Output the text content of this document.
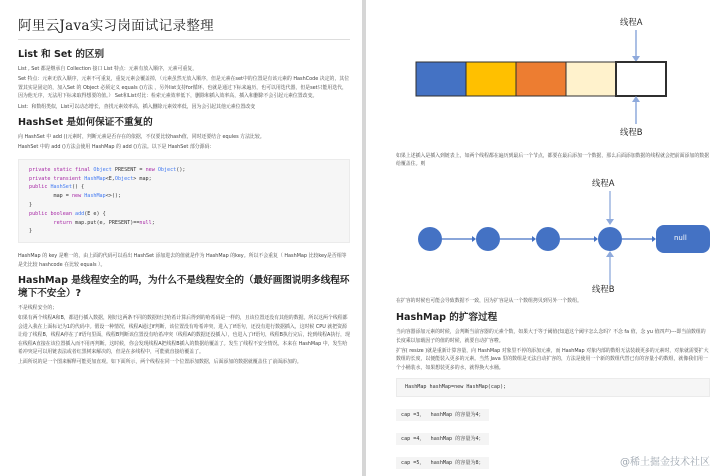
阿里云Java实习岗面试记录整理
List 和 Set 的区别

List , Set 都是继承自 Collection 接口 List 特点：元素有放入顺序，元素可重复，

Set 特点：元素无放入顺序，元素不可重复，重复元素会覆盖掉，（元素虽然无放入顺序，但是元素在set中的位置是有该元素的 HashCode 决定的，其位置其实是固定的，加入Set 的 Object 必须定义 equals ()方法 ，另外list支持for循环，也就是通过下标来遍历，也可以用迭代器，但是set只能用迭代，因为他无序，无法用下标来取得想要的值。） Set和List对比：检索元素效率低下，删除和插入效率高，插入和删除不会引起元素位置改变。

List：和数组类似，List可以动态增长，查找元素效率高，插入删除元素效率低，因为会引起其他元素位置改变

HashSet 是如何保证不重复的

向 HashSet 中 add ()元素时，判断元素是否存在的依据，不仅要比较hash值，同时还要结合 equles 方法比较。

HashSet 中的 add ()方法会使用 HashMap 的 add ()方法。以下是 HashSet 部分源码：

private static final Object PRESENT = new Object();
private transient HashMap<E,Object> map;
public HashSet() {
map = new HashMap<>();
}
public boolean add(E e) {
return map.put(e, PRESENT)==null;
}

HashMap 的 key 是唯一的，由上面的代码可以看出 HashSet 添加进去的值就是作为 HashMap 的key。所以不会重复（ HashMap 比较key是否相等是先比较 hashcode 在比较 equals ）。

HashMap 是线程安全的吗，为什么不是线程安全的（最好画图说明多线程环境下不安全）?

不是线程安全的；

如果有两个线程A和B，都进行插入数据，刚好这两条不同的数据经过哈希计算后得到的哈希码是一样的，且该位置还没有其他的数据。所以这两个线程都会进入我在上面标记为1的代码中。假设一种情况，线程A通过if判断，该位置没有哈希冲突，进入了if语句，还没有进行数据插入，这时候 CPU 就把资源让给了线程B，线程A停在了if语句里面，线程B判断该位置没有哈希冲突（线程A的数据还没插入），也进入了if语句，线程B执行完后，轮到线程A执行，现在线程A直接在该位置插入而不用再判断。这时候，你会发现线程A把线程B插入的数据给覆盖了。发生了线程不安全情况。本来在 HashMap 中，发生哈希冲突是可以用链表法或者红黑树来解决的，但是在多线程中，可能就直接给覆盖了。

上面所说的是一个图来解释可能更加直观。如下面所示，两个线程在同一个位置添加数据，后面添加的数据就覆盖住了前面添加的。

线程A
线程B

如果上述插入是插入到链表上，如两个线程都在遍历到最后一个节点，都要在最后添加一个数据，那么后面添加数据的线程就会把前面添加的数据给覆盖住。则

线程A
null
线程B

在扩容的时候也可能会导致数据不一致，因为扩容是从一个数组拷贝到另外一个数组。

HashMap 的扩容过程

当向容器添加元素的时候，会判断当前容器的元素个数，如果大于等于阈值(知道这个阈字怎么念吗？不念 fa 值，念 yu 值四声)---即当前数组的长度乘以加载因子的值的时候，就要自动扩容啦。

扩容( resize )就是重新计算容量，向 HashMap 对象里不停的添加元素，而 HashMap 对象内部的数组无法装载更多的元素时，对象就需要扩大数组的长度，以便能装入更多的元素。当然 Java 里的数组是无法自动扩容的，方法是使用一个新的数组代替已有的容量小的数组，就像我们用一个小桶装水，如果想装更多的水，就得换大水桶。

HashMap hashMap=new HashMap(cap);
cap =3，  hashMap 的容量为4；
cap =4，  hashMap 的容量为4；
cap =5，  hashMap 的容量为8；	@稀土掘金技术社区
